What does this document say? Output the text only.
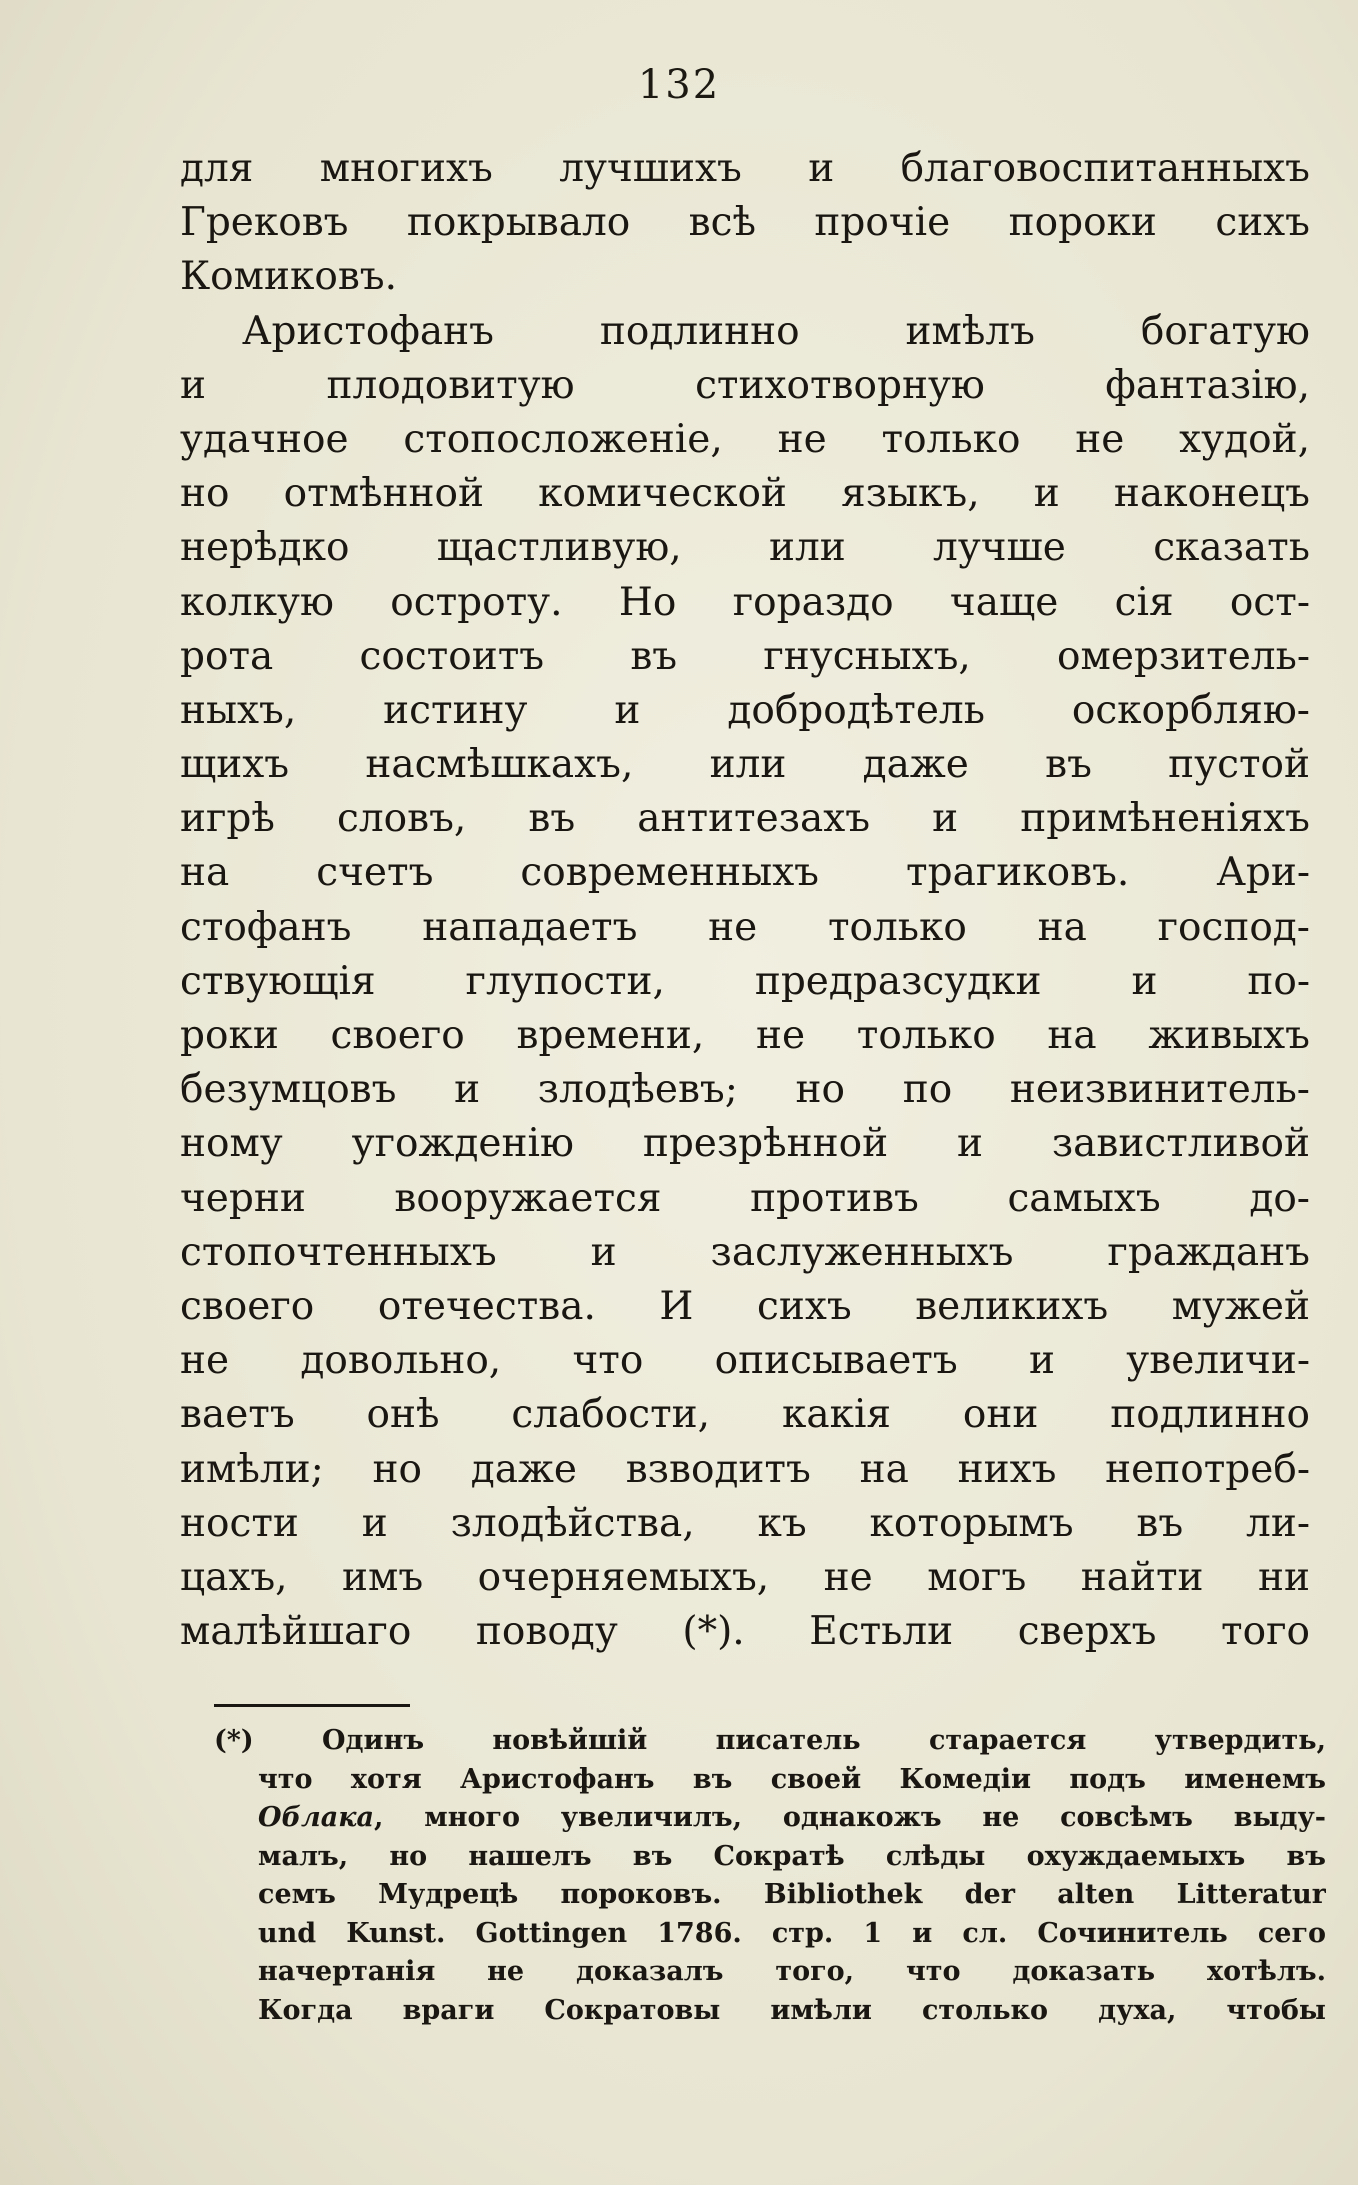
132
для многихъ лучшихъ и благовоспитанныхъ
Грековъ покрывало всѣ прочіе пороки сихъ
Комиковъ.
Аристофанъ подлинно имѣлъ богатую
и плодовитую стихотворную фантазію,
удачное стопосложеніе, не только не худой,
но отмѣнной комической языкъ, и наконецъ
нерѣдко щастливую, или лучше сказать
колкую остроту. Но гораздо чаще сія ост-
рота состоитъ въ гнусныхъ, омерзитель-
ныхъ, истину и добродѣтель оскорбляю-
щихъ насмѣшкахъ, или даже въ пустой
игрѣ словъ, въ антитезахъ и примѣненіяхъ
на счетъ современныхъ трагиковъ. Ари-
стофанъ нападаетъ не только на господ-
ствующія глупости, предразсудки и по-
роки своего времени, не только на живыхъ
безумцовъ и злодѣевъ; но по неизвинитель-
ному угожденію презрѣнной и завистливой
черни вооружается противъ самыхъ до-
стопочтенныхъ и заслуженныхъ гражданъ
своего отечества. И сихъ великихъ мужей
не довольно, что описываетъ и увеличи-
ваетъ онѣ слабости, какія они подлинно
имѣли; но даже взводитъ на нихъ непотреб-
ности и злодѣйства, къ которымъ въ ли-
цахъ, имъ очерняемыхъ, не могъ найти ни
малѣйшаго поводу (*). Естьли сверхъ того
(*) Одинъ новѣйшій писатель старается утвердить,
что хотя Аристофанъ въ своей Комедіи подъ именемъ
Облака, много увеличилъ, однакожъ не совсѣмъ выду-
малъ, но нашелъ въ Сократѣ слѣды охуждаемыхъ въ
семъ Мудрецѣ пороковъ. Bibliothek der alten Litteratur
und Kunst. Gottingen 1786. стр. 1 и сл. Сочинитель сего
начертанія не доказалъ того, что доказать хотѣлъ.
Когда враги Сократовы имѣли столько духа, чтобы
